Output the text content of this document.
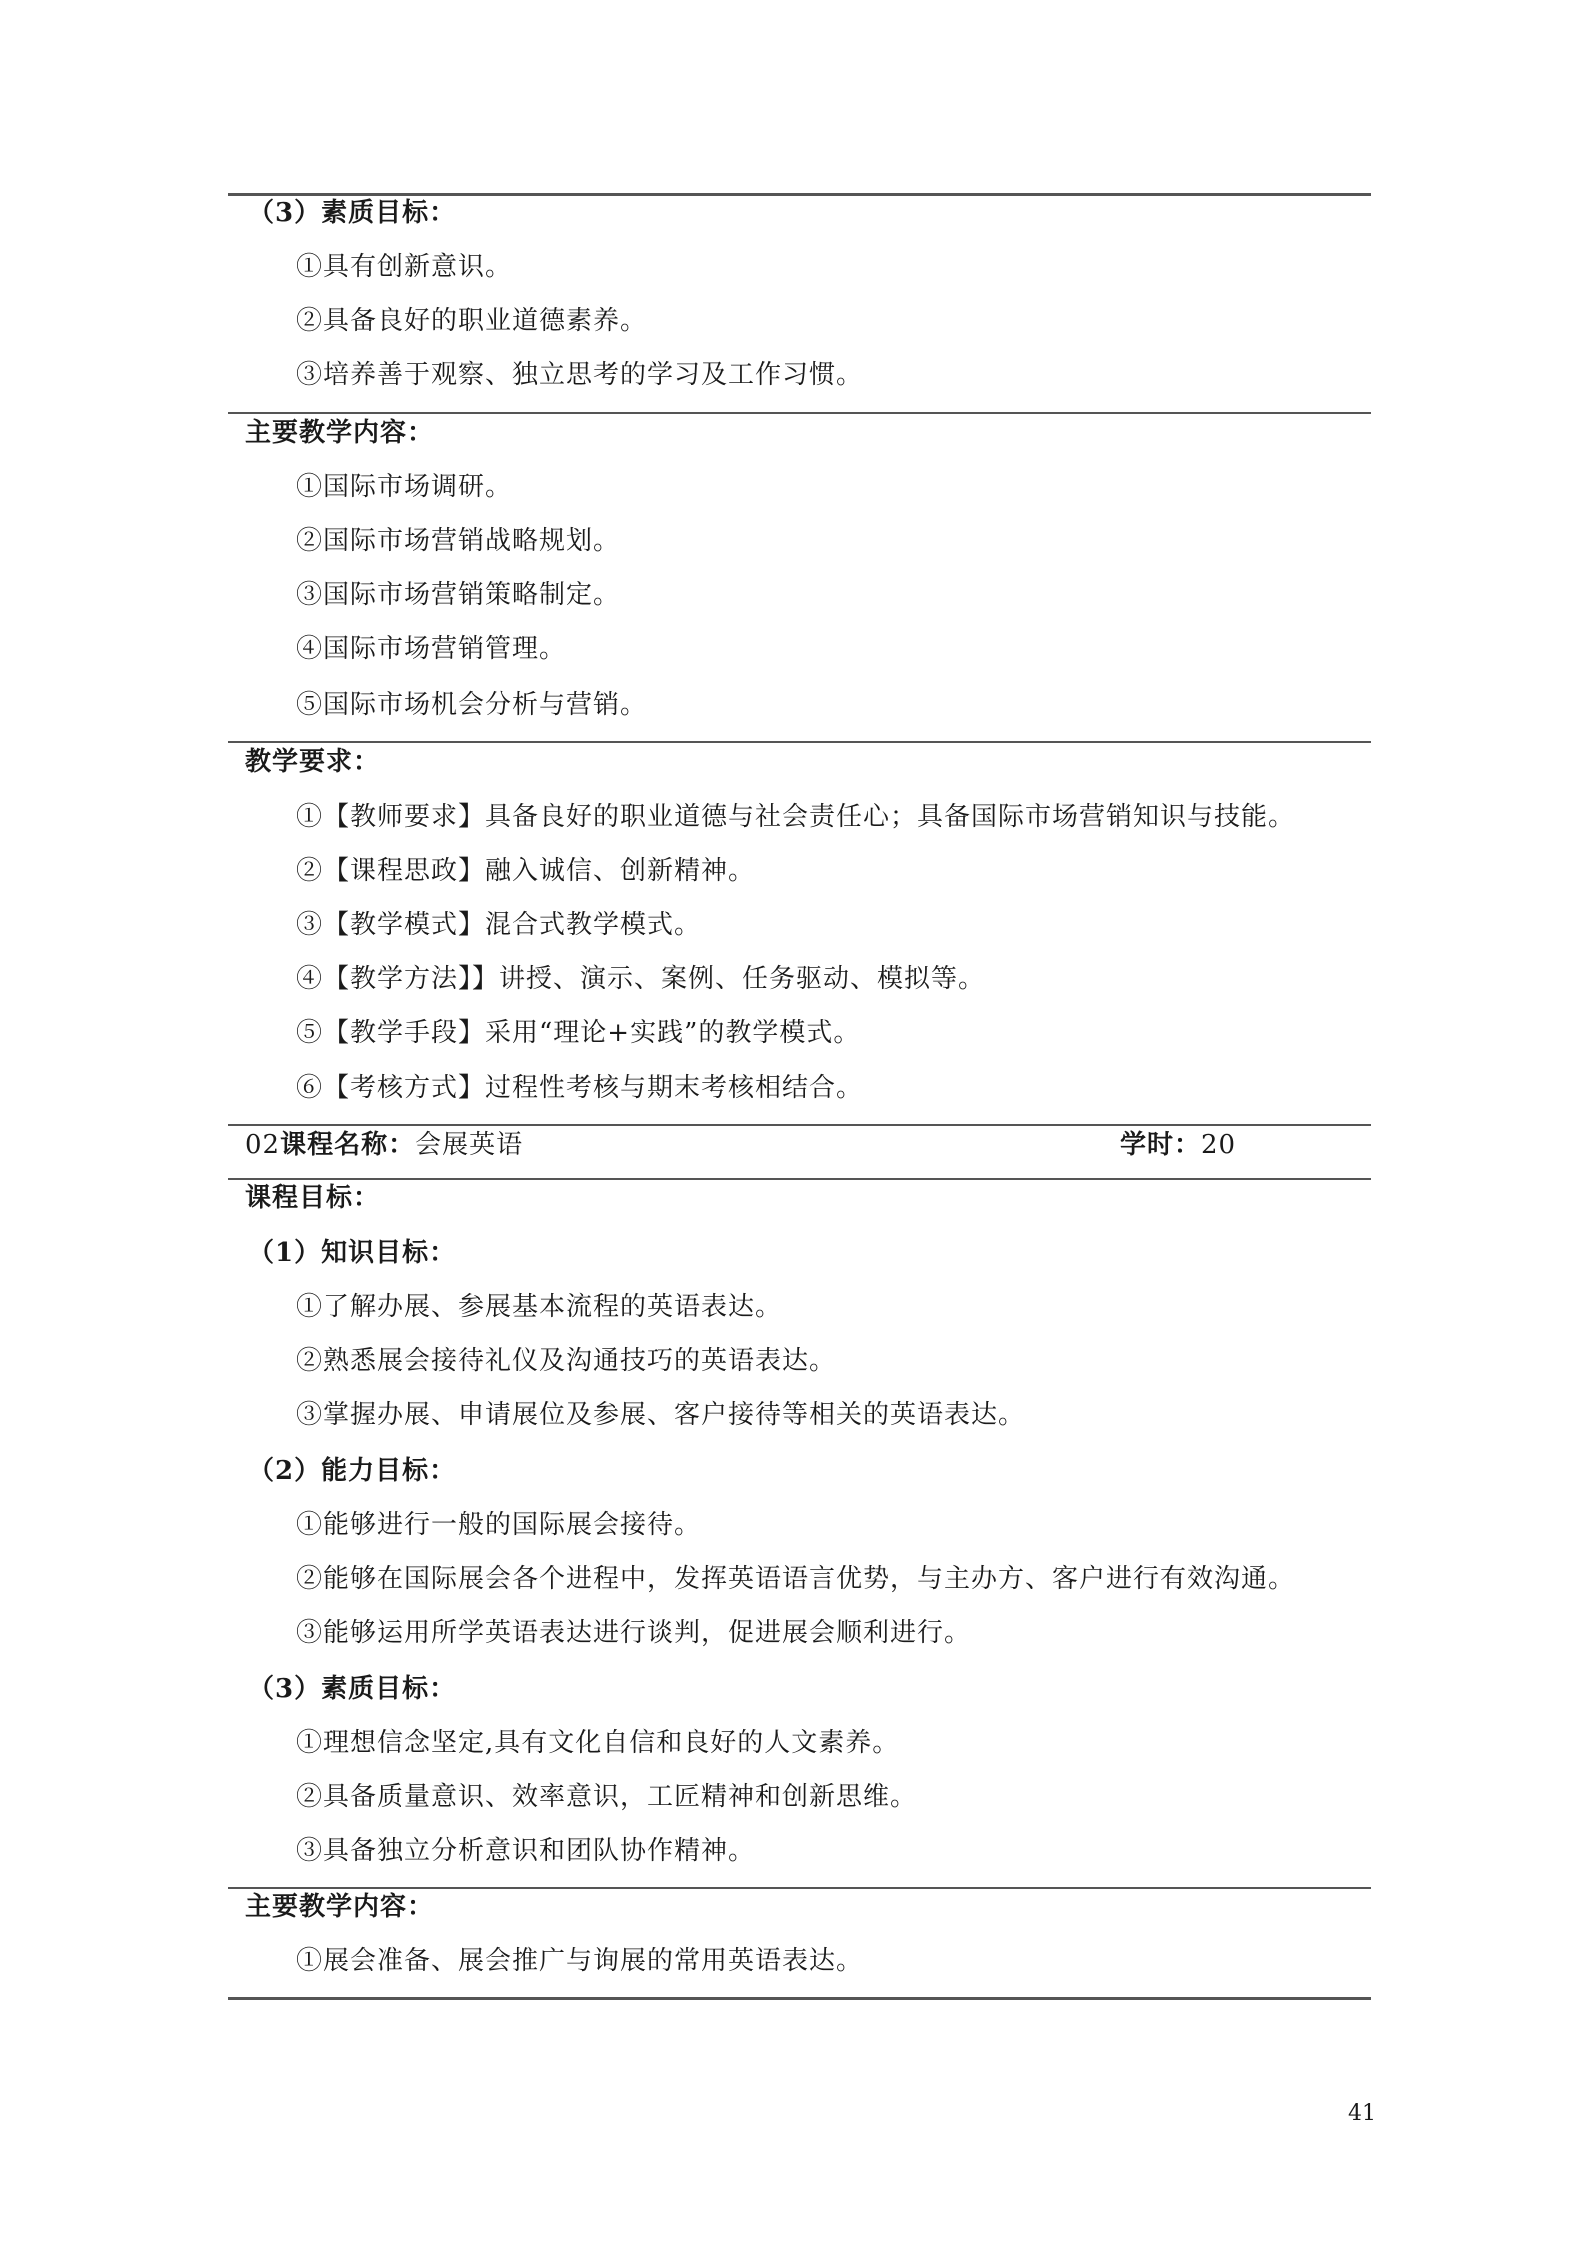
（3）素质目标：
①具有创新意识。
②具备良好的职业道德素养。
③培养善于观察、独立思考的学习及工作习惯。
主要教学内容：
①国际市场调研。
②国际市场营销战略规划。
③国际市场营销策略制定。
④国际市场营销管理。
⑤国际市场机会分析与营销。
教学要求：
①【教师要求】具备良好的职业道德与社会责任心；具备国际市场营销知识与技能。
②【课程思政】融入诚信、创新精神。
③【教学模式】混合式教学模式。
④【教学方法】】讲授、演示、案例、任务驱动、模拟等。
⑤【教学手段】采用“理论+实践”的教学模式。
⑥【考核方式】过程性考核与期末考核相结合。
02课程名称：会展英语	学时：20
课程目标：
（1）知识目标：
①了解办展、参展基本流程的英语表达。
②熟悉展会接待礼仪及沟通技巧的英语表达。
③掌握办展、申请展位及参展、客户接待等相关的英语表达。
（2）能力目标：
①能够进行一般的国际展会接待。
②能够在国际展会各个进程中，发挥英语语言优势，与主办方、客户进行有效沟通。
③能够运用所学英语表达进行谈判，促进展会顺利进行。
（3）素质目标：
①理想信念坚定,具有文化自信和良好的人文素养。
②具备质量意识、效率意识，工匠精神和创新思维。
③具备独立分析意识和团队协作精神。
主要教学内容：
①展会准备、展会推广与询展的常用英语表达。
41
